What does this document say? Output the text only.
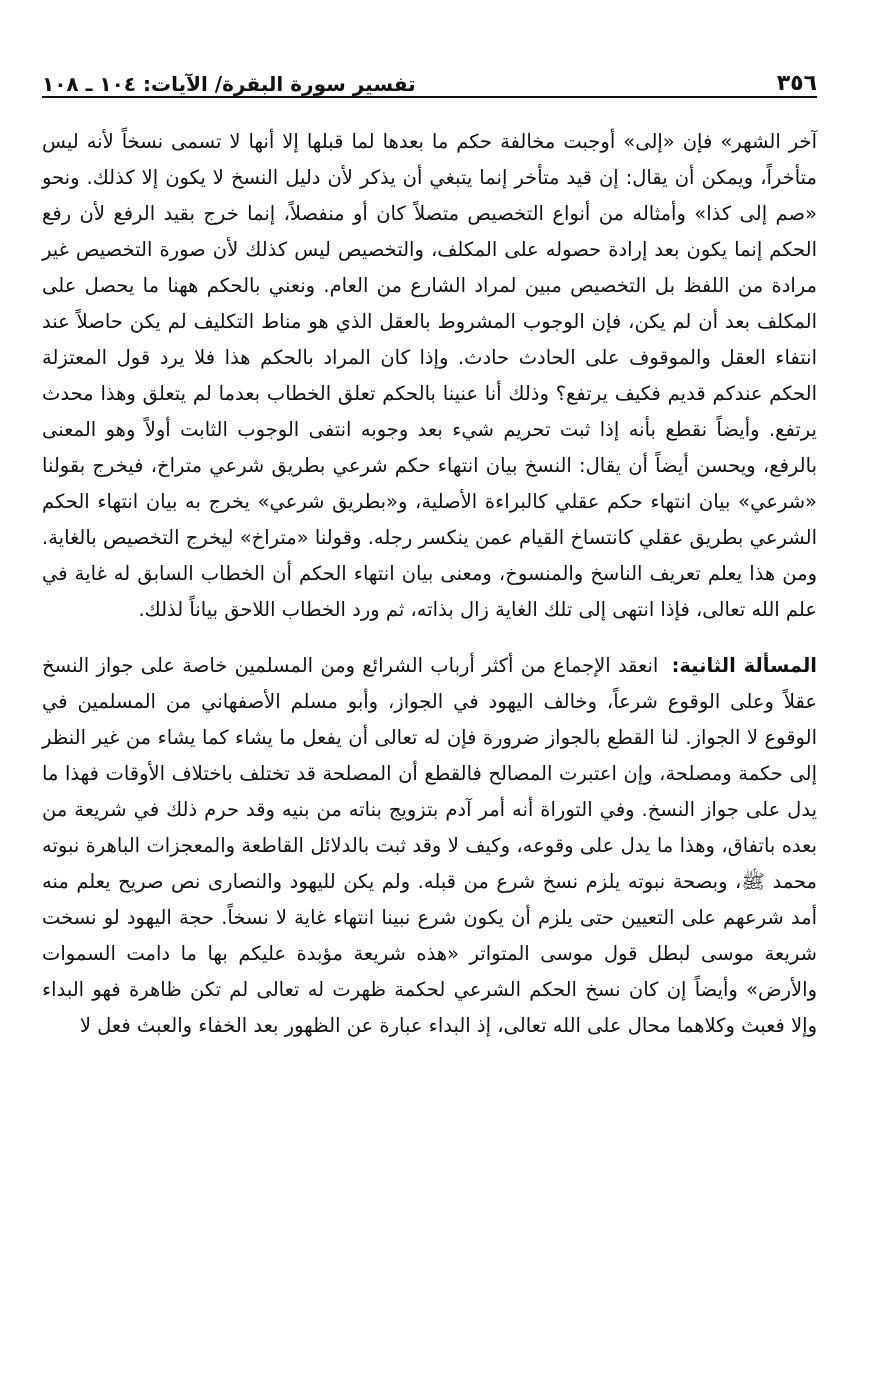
٣٥٦
تفسير سورة البقرة/ الآيات: ١٠٤ ـ ١٠٨

آخر الشهر» فإن «إلى» أوجبت مخالفة حكم ما بعدها لما قبلها إلا أنها لا تسمى نسخاً لأنه ليس متأخراً، ويمكن أن يقال: إن قيد متأخر إنما يتبغي أن يذكر لأن دليل النسخ لا يكون إلا كذلك. ونحو «صم إلى كذا» وأمثاله من أنواع التخصيص متصلاً كان أو منفصلاً، إنما خرج بقيد الرفع لأن رفع الحكم إنما يكون بعد إرادة حصوله على المكلف، والتخصيص ليس كذلك لأن صورة التخصيص غير مرادة من اللفظ بل التخصيص مبين لمراد الشارع من العام. ونعني بالحكم ههنا ما يحصل على المكلف بعد أن لم يكن، فإن الوجوب المشروط بالعقل الذي هو مناط التكليف لم يكن حاصلاً عند انتفاء العقل والموقوف على الحادث حادث. وإذا كان المراد بالحكم هذا فلا يرد قول المعتزلة الحكم عندكم قديم فكيف يرتفع؟ وذلك أنا عنينا بالحكم تعلق الخطاب بعدما لم يتعلق وهذا محدث يرتفع. وأيضاً نقطع بأنه إذا ثبت تحريم شيء بعد وجوبه انتفى الوجوب الثابت أولاً وهو المعنى بالرفع، ويحسن أيضاً أن يقال: النسخ بيان انتهاء حكم شرعي بطريق شرعي متراخ، فيخرج بقولنا «شرعي» بيان انتهاء حكم عقلي كالبراءة الأصلية، و«بطريق شرعي» يخرج به بيان انتهاء الحكم الشرعي بطريق عقلي كانتساخ القيام عمن ينكسر رجله. وقولنا «متراخ» ليخرج التخصيص بالغاية. ومن هذا يعلم تعريف الناسخ والمنسوخ، ومعنى بيان انتهاء الحكم أن الخطاب السابق له غاية في علم الله تعالى، فإذا انتهى إلى تلك الغاية زال بذاته، ثم ورد الخطاب اللاحق بياناً لذلك.

المسألة الثانية: انعقد الإجماع من أكثر أرباب الشرائع ومن المسلمين خاصة على جواز النسخ عقلاً وعلى الوقوع شرعاً، وخالف اليهود في الجواز، وأبو مسلم الأصفهاني من المسلمين في الوقوع لا الجواز. لنا القطع بالجواز ضرورة فإن له تعالى أن يفعل ما يشاء كما يشاء من غير النظر إلى حكمة ومصلحة، وإن اعتبرت المصالح فالقطع أن المصلحة قد تختلف باختلاف الأوقات فهذا ما يدل على جواز النسخ. وفي التوراة أنه أمر آدم بتزويج بناته من بنيه وقد حرم ذلك في شريعة من بعده باتفاق، وهذا ما يدل على وقوعه، وكيف لا وقد ثبت بالدلائل القاطعة والمعجزات الباهرة نبوته محمد ﷺ، وبصحة نبوته يلزم نسخ شرع من قبله. ولم يكن لليهود والنصارى نص صريح يعلم منه أمد شرعهم على التعيين حتى يلزم أن يكون شرع نبينا انتهاء غاية لا نسخاً. حجة اليهود لو نسخت شريعة موسى لبطل قول موسى المتواتر «هذه شريعة مؤبدة عليكم بها ما دامت السموات والأرض» وأيضاً إن كان نسخ الحكم الشرعي لحكمة ظهرت له تعالى لم تكن ظاهرة فهو البداء وإلا فعبث وكلاهما محال على الله تعالى، إذ البداء عبارة عن الظهور بعد الخفاء والعبث فعل لا
